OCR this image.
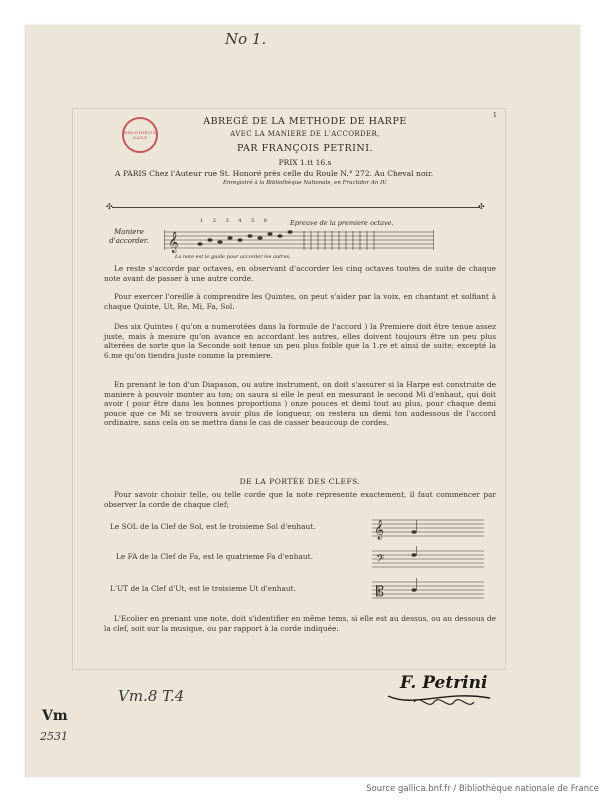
No 1.
1
BIBLIOTHÈQUE NATLE
ABREGÉ DE LA METHODE DE HARPE
AVEC LA MANIERE DE L'ACCORDER,
PAR FRANÇOIS PETRINI.
PRIX 1.tt 16.s
A PARIS Chez l'Auteur rue St. Honoré près celle du Roule N.° 272. Au Cheval noir.
Enregistré à la Bibliothèque Nationale, en Fructidor An IV.
✣	✣
Maniere d'accorder.
1 2 3 4 5 6	Epreuve de la premiere octave.
𝄞
La note est le guide pour accorder les autres.
Le reste s'accorde par octaves, en observant d'accorder les cinq octaves toutes de suite de chaque note avant de passer à une autre corde.
Pour exercer l'oreille à comprendre les Quintes, on peut s'aider par la voix, en chantant et solfiant à chaque Quinte, Ut, Re, Mi, Fa, Sol.
Des six Quintes ( qu'on a numerotées dans la formule de l'accord ) la Premiere doit être tenue assez juste, mais à mesure qu'on avance en accordant les autres, elles doivent toujours être un peu plus alterées de sorte que la Seconde soit tenue un peu plus foible que la 1.re et ainsi de suite; excepté la 6.me qu'on tiendra juste comme la premiere.
En prenant le ton d'un Diapason, ou autre instrument, on doit s'assurer si la Harpe est construite de maniere à pouvoir monter au ton; on saura si elle le peut en mesurant le second Mi d'enhaut, qui doit avoir ( pour être dans les bonnes proportions ) onze pouces et demi tout au plus, pour chaque demi pouce que ce Mi se trouvera avoir plus de longueur, on restera un demi ton audessous de l'accord ordinaire, sans cela on se mettra dans le cas de casser beaucoup de cordes.
DE LA PORTÉE DES CLEFS.
Pour savoir choisir telle, ou telle corde que la note represente exactement, il faut commencer par observer la corde de chaque clef;
Le SOL de la Clef de Sol, est le troisieme Sol d'enhaut.	𝄞
Le FA de la Clef de Fa, est le quatrieme Fa d'enhaut.	𝄢
L'UT de la Clef d'Ut, est le troisieme Ut d'enhaut.	𝄡
L'Ecolier en prenant une note, doit s'identifier en même tems, si elle est au dessus, ou au dessous de la clef, soit sur la musique, ou par rapport à la corde indiquée.
F. Petrini
Vm
2531
Vm.8 T.4
Source gallica.bnf.fr / Bibliothèque nationale de France
